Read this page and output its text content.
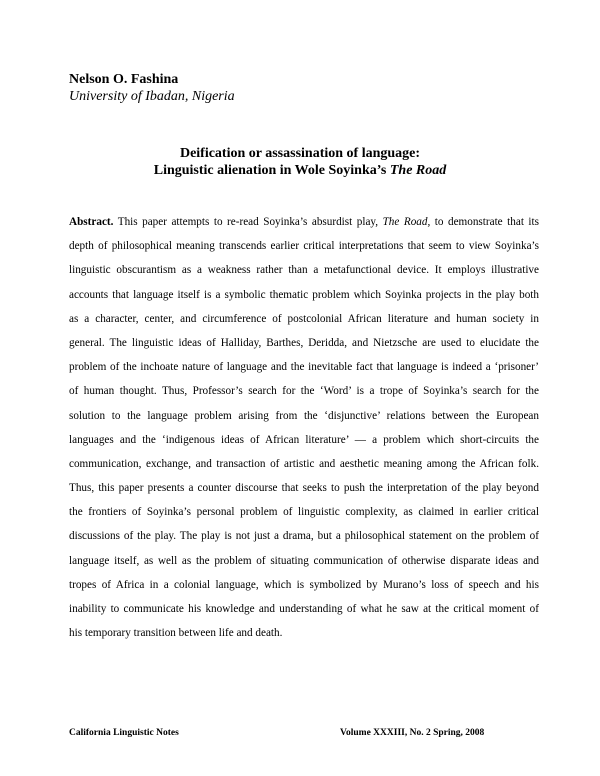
Nelson O. Fashina
University of Ibadan, Nigeria
Deification or assassination of language:
Linguistic alienation in Wole Soyinka’s The Road
Abstract. This paper attempts to re-read Soyinka’s absurdist play, The Road, to demonstrate that its
depth of philosophical meaning transcends earlier critical interpretations that seem to view Soyinka’s
linguistic obscurantism as a weakness rather than a metafunctional device. It employs illustrative
accounts that language itself is a symbolic thematic problem which Soyinka projects in the play both
as a character, center, and circumference of postcolonial African literature and human society in
general. The linguistic ideas of Halliday, Barthes, Deridda, and Nietzsche are used to elucidate the
problem of the inchoate nature of language and the inevitable fact that language is indeed a ‘prisoner’
of human thought. Thus, Professor’s search for the ‘Word’ is a trope of Soyinka’s search for the
solution to the language problem arising from the ‘disjunctive’ relations between the European
languages and the ‘indigenous ideas of African literature’ — a problem which short-circuits the
communication, exchange, and transaction of artistic and aesthetic meaning among the African folk.
Thus, this paper presents a counter discourse that seeks to push the interpretation of the play beyond
the frontiers of Soyinka’s personal problem of linguistic complexity, as claimed in earlier critical
discussions of the play. The play is not just a drama, but a philosophical statement on the problem of
language itself, as well as the problem of situating communication of otherwise disparate ideas and
tropes of Africa in a colonial language, which is symbolized by Murano’s loss of speech and his
inability to communicate his knowledge and understanding of what he saw at the critical moment of
his temporary transition between life and death.
California Linguistic Notes	Volume XXXIII, No. 2 Spring, 2008
